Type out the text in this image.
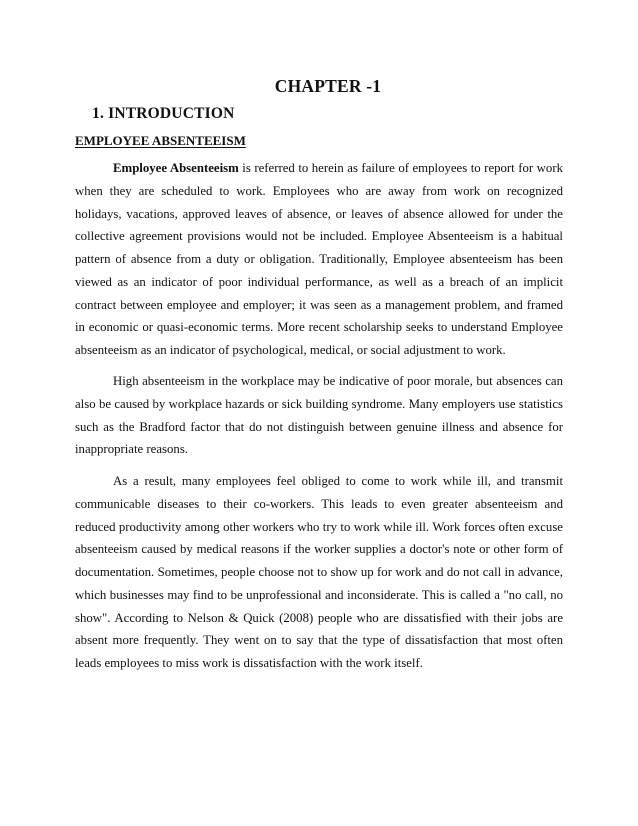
CHAPTER -1
1. INTRODUCTION
EMPLOYEE ABSENTEEISM

Employee Absenteeism is referred to herein as failure of employees to report for work when they are scheduled to work. Employees who are away from work on recognized holidays, vacations, approved leaves of absence, or leaves of absence allowed for under the collective agreement provisions would not be included. Employee Absenteeism is a habitual pattern of absence from a duty or obligation. Traditionally, Employee absenteeism has been viewed as an indicator of poor individual performance, as well as a breach of an implicit contract between employee and employer; it was seen as a management problem, and framed in economic or quasi-economic terms. More recent scholarship seeks to understand Employee absenteeism as an indicator of psychological, medical, or social adjustment to work.

High absenteeism in the workplace may be indicative of poor morale, but absences can also be caused by workplace hazards or sick building syndrome. Many employers use statistics such as the Bradford factor that do not distinguish between genuine illness and absence for inappropriate reasons.

As a result, many employees feel obliged to come to work while ill, and transmit communicable diseases to their co-workers. This leads to even greater absenteeism and reduced productivity among other workers who try to work while ill. Work forces often excuse absenteeism caused by medical reasons if the worker supplies a doctor's note or other form of documentation. Sometimes, people choose not to show up for work and do not call in advance, which businesses may find to be unprofessional and inconsiderate. This is called a "no call, no show". According to Nelson & Quick (2008) people who are dissatisfied with their jobs are absent more frequently. They went on to say that the type of dissatisfaction that most often leads employees to miss work is dissatisfaction with the work itself.
